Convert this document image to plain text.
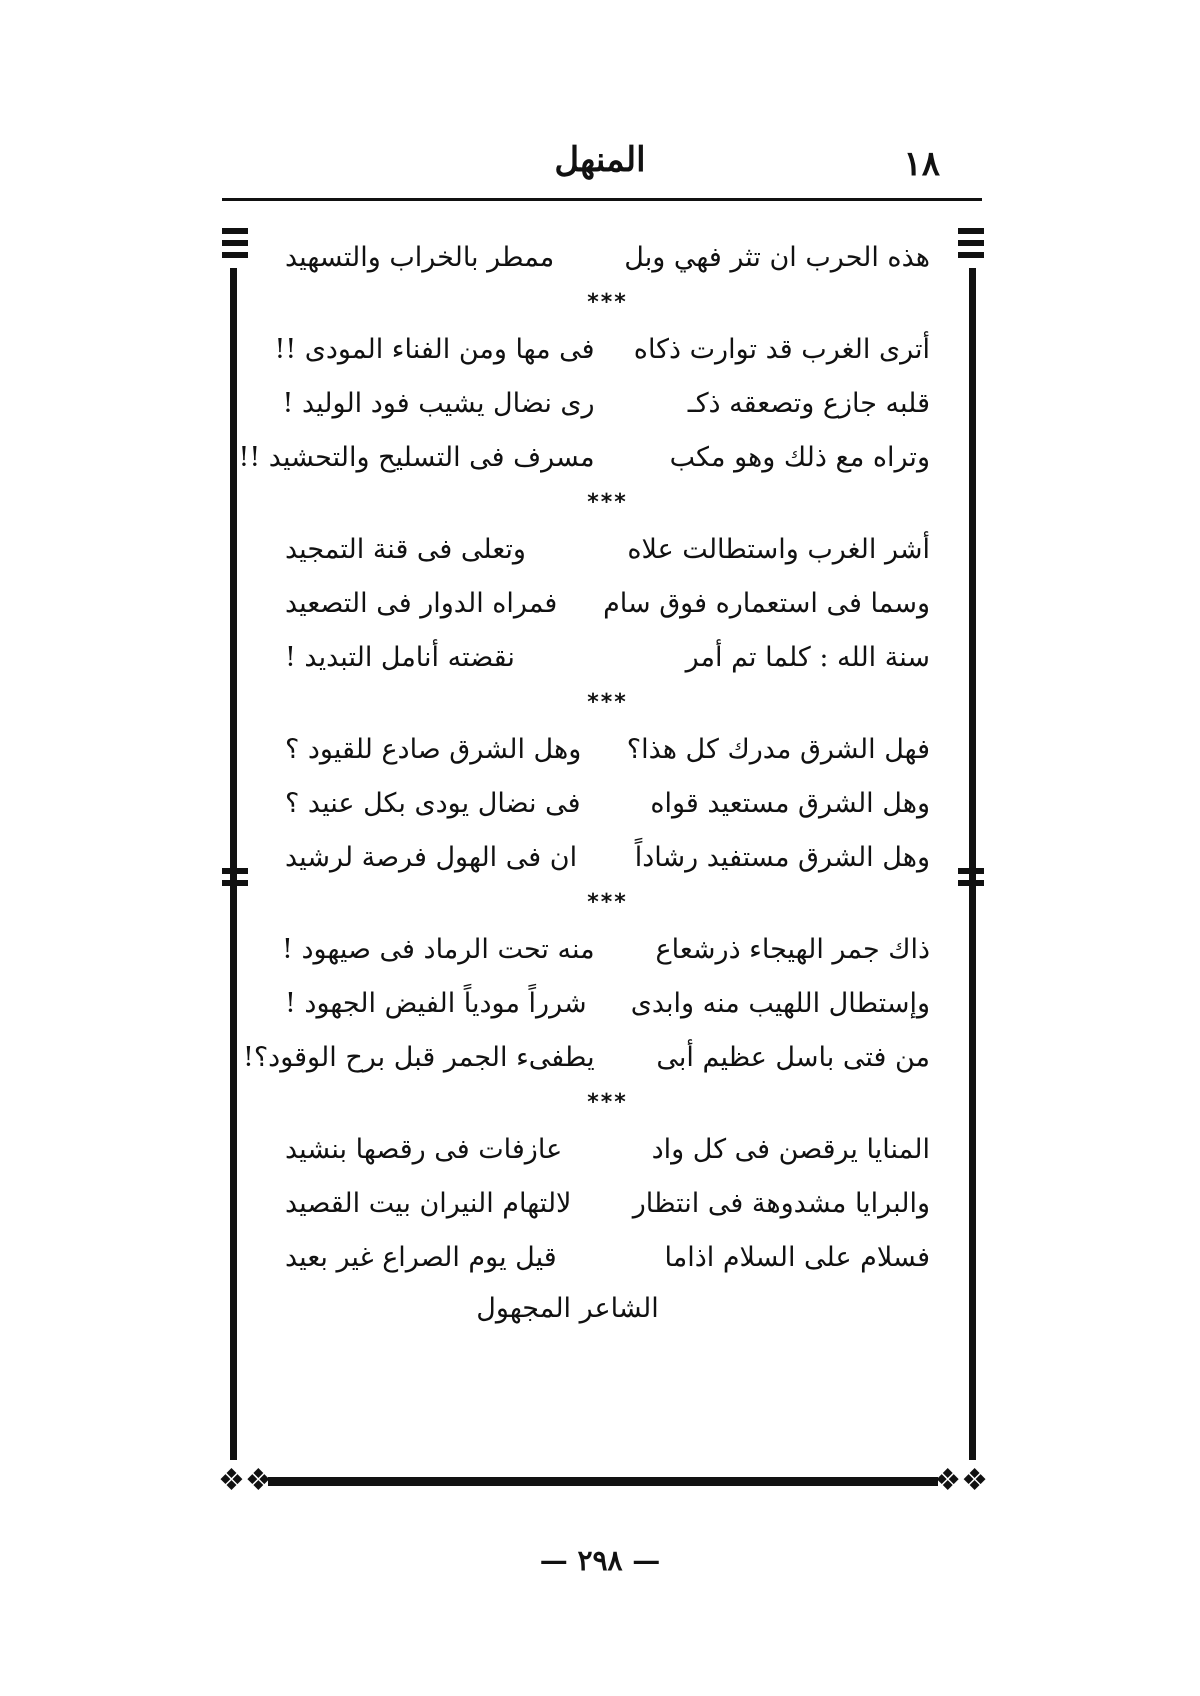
١٨
المنهل
❖❖	❖❖
هذه الحرب ان تثر فهي وبل
ممطر بالخراب والتسهيد
***
أترى الغرب قد توارت ذكاه
فى مها ومن الفناء المودى !!
قلبه جازع وتصعقه ذكـ
رى نضال يشيب فود الوليد !
وتراه مع ذلك وهو مكب
مسرف فى التسليح والتحشيد !!
***
أشر الغرب واستطالت علاه
وتعلى فى قنة التمجيد
وسما فى استعماره فوق سام
فمراه الدوار فى التصعيد
سنة الله : كلما تم أمر
نقضته أنامل التبديد !
***
فهل الشرق مدرك كل هذا؟
وهل الشرق صادع للقيود ؟
وهل الشرق مستعيد قواه
فى نضال يودى بكل عنيد ؟
وهل الشرق مستفيد رشاداً
ان فى الهول فرصة لرشيد
***
ذاك جمر الهيجاء ذرشعاع
منه تحت الرماد فى صيهود !
وإستطال اللهيب منه وابدى
شرراً مودياً الفيض الجهود !
من فتى باسل عظيم أبى
يطفىء الجمر قبل برح الوقود؟!
***
المنايا يرقصن فى كل واد
عازفات فى رقصها بنشيد
والبرايا مشدوهة فى انتظار
لالتهام النيران بيت القصيد
فسلام على السلام اذاما
قيل يوم الصراع غير بعيد
الشاعر المجهول
— ٢٩٨ —
